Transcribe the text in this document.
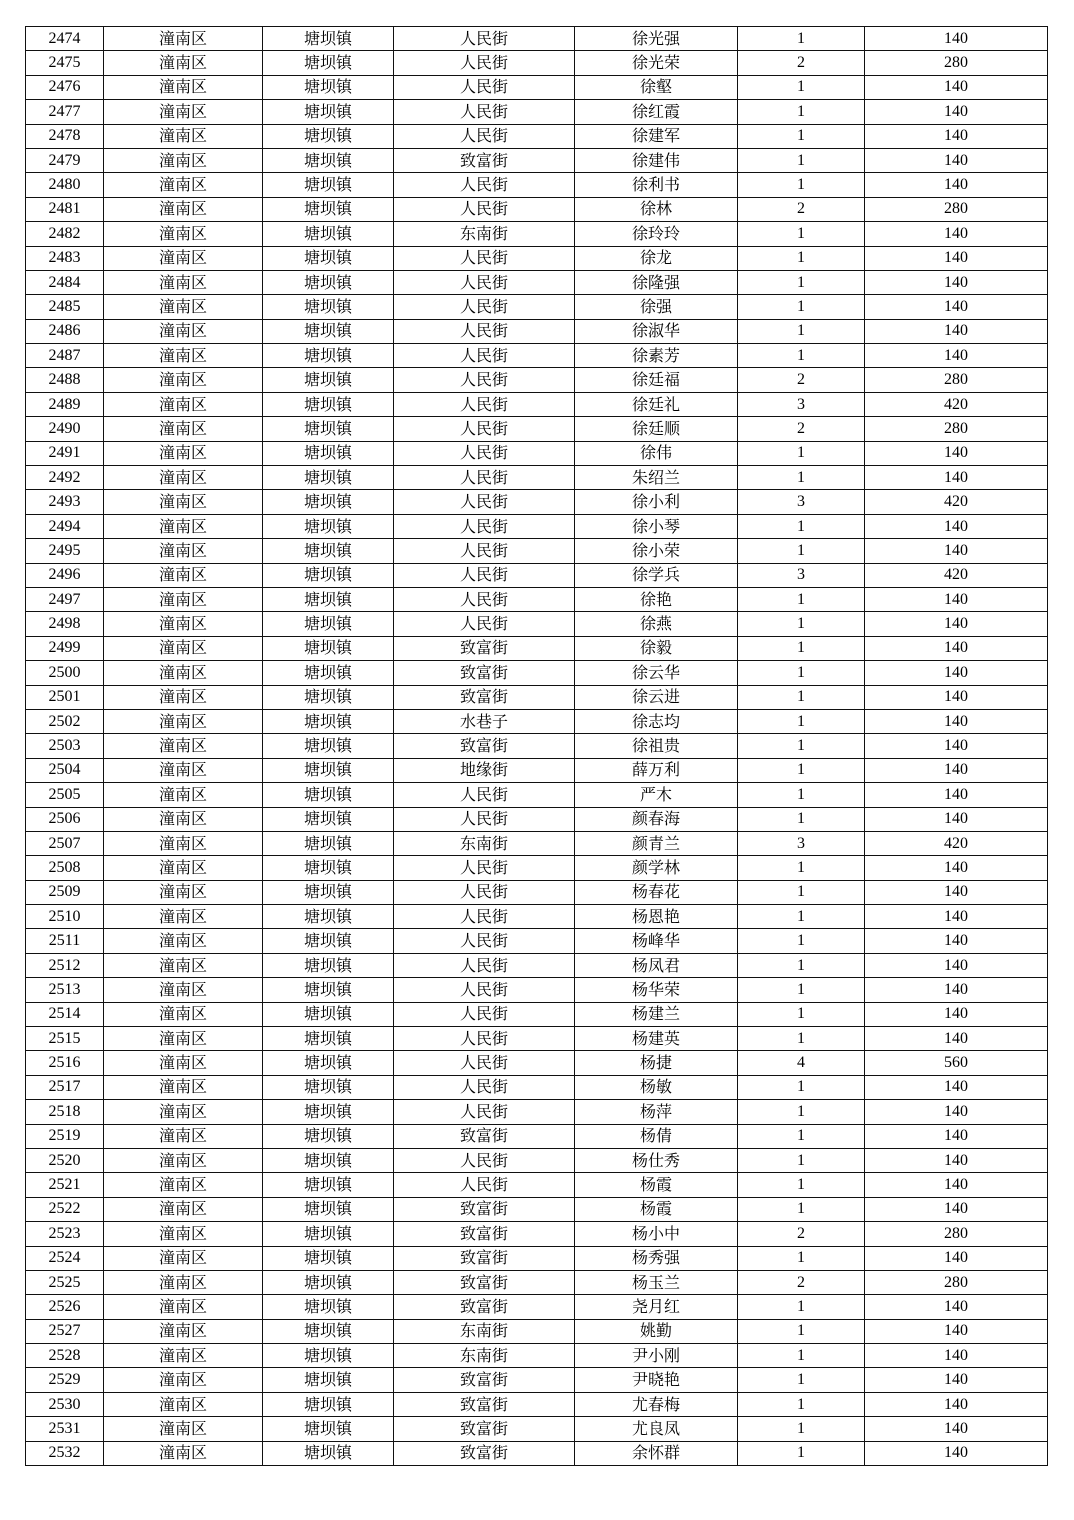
2474	潼南区	塘坝镇	人民街	徐光强	1	140
2475	潼南区	塘坝镇	人民街	徐光荣	2	280
2476	潼南区	塘坝镇	人民街	徐壑	1	140
2477	潼南区	塘坝镇	人民街	徐红霞	1	140
2478	潼南区	塘坝镇	人民街	徐建军	1	140
2479	潼南区	塘坝镇	致富街	徐建伟	1	140
2480	潼南区	塘坝镇	人民街	徐利书	1	140
2481	潼南区	塘坝镇	人民街	徐林	2	280
2482	潼南区	塘坝镇	东南街	徐玲玲	1	140
2483	潼南区	塘坝镇	人民街	徐龙	1	140
2484	潼南区	塘坝镇	人民街	徐隆强	1	140
2485	潼南区	塘坝镇	人民街	徐强	1	140
2486	潼南区	塘坝镇	人民街	徐淑华	1	140
2487	潼南区	塘坝镇	人民街	徐素芳	1	140
2488	潼南区	塘坝镇	人民街	徐廷福	2	280
2489	潼南区	塘坝镇	人民街	徐廷礼	3	420
2490	潼南区	塘坝镇	人民街	徐廷顺	2	280
2491	潼南区	塘坝镇	人民街	徐伟	1	140
2492	潼南区	塘坝镇	人民街	朱绍兰	1	140
2493	潼南区	塘坝镇	人民街	徐小利	3	420
2494	潼南区	塘坝镇	人民街	徐小琴	1	140
2495	潼南区	塘坝镇	人民街	徐小荣	1	140
2496	潼南区	塘坝镇	人民街	徐学兵	3	420
2497	潼南区	塘坝镇	人民街	徐艳	1	140
2498	潼南区	塘坝镇	人民街	徐燕	1	140
2499	潼南区	塘坝镇	致富街	徐毅	1	140
2500	潼南区	塘坝镇	致富街	徐云华	1	140
2501	潼南区	塘坝镇	致富街	徐云进	1	140
2502	潼南区	塘坝镇	水巷子	徐志均	1	140
2503	潼南区	塘坝镇	致富街	徐祖贵	1	140
2504	潼南区	塘坝镇	地缘街	薛万利	1	140
2505	潼南区	塘坝镇	人民街	严木	1	140
2506	潼南区	塘坝镇	人民街	颜春海	1	140
2507	潼南区	塘坝镇	东南街	颜青兰	3	420
2508	潼南区	塘坝镇	人民街	颜学林	1	140
2509	潼南区	塘坝镇	人民街	杨春花	1	140
2510	潼南区	塘坝镇	人民街	杨恩艳	1	140
2511	潼南区	塘坝镇	人民街	杨峰华	1	140
2512	潼南区	塘坝镇	人民街	杨凤君	1	140
2513	潼南区	塘坝镇	人民街	杨华荣	1	140
2514	潼南区	塘坝镇	人民街	杨建兰	1	140
2515	潼南区	塘坝镇	人民街	杨建英	1	140
2516	潼南区	塘坝镇	人民街	杨捷	4	560
2517	潼南区	塘坝镇	人民街	杨敏	1	140
2518	潼南区	塘坝镇	人民街	杨萍	1	140
2519	潼南区	塘坝镇	致富街	杨倩	1	140
2520	潼南区	塘坝镇	人民街	杨仕秀	1	140
2521	潼南区	塘坝镇	人民街	杨霞	1	140
2522	潼南区	塘坝镇	致富街	杨霞	1	140
2523	潼南区	塘坝镇	致富街	杨小中	2	280
2524	潼南区	塘坝镇	致富街	杨秀强	1	140
2525	潼南区	塘坝镇	致富街	杨玉兰	2	280
2526	潼南区	塘坝镇	致富街	尧月红	1	140
2527	潼南区	塘坝镇	东南街	姚勤	1	140
2528	潼南区	塘坝镇	东南街	尹小刚	1	140
2529	潼南区	塘坝镇	致富街	尹晓艳	1	140
2530	潼南区	塘坝镇	致富街	尤春梅	1	140
2531	潼南区	塘坝镇	致富街	尤良凤	1	140
2532	潼南区	塘坝镇	致富街	余怀群	1	140
